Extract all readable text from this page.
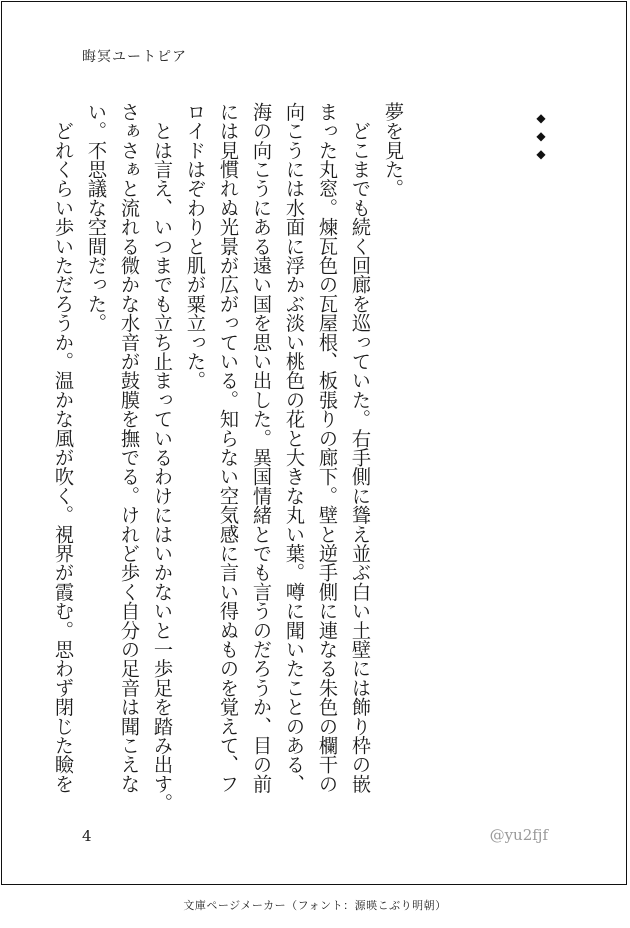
晦冥ユートピア
◆
◆
◆
夢を見た。
　どこまでも続く回廊を巡っていた。右手側に聳え並ぶ白い土壁には飾り枠の嵌
まった丸窓。煉瓦色の瓦屋根、板張りの廊下。壁と逆手側に連なる朱色の欄干の
向こうには水面に浮かぶ淡い桃色の花と大きな丸い葉。噂に聞いたことのある、
海の向こうにある遠い国を思い出した。異国情緒とでも言うのだろうか、目の前
には見慣れぬ光景が広がっている。知らない空気感に言い得ぬものを覚えて、フ
ロイドはぞわりと肌が粟立った。
　とは言え、いつまでも立ち止まっているわけにはいかないと一歩足を踏み出す。
さぁさぁと流れる微かな水音が鼓膜を撫でる。けれど歩く自分の足音は聞こえな
い。不思議な空間だった。
　どれくらい歩いただろうか。温かな風が吹く。視界が霞む。思わず閉じた瞼を
4	@yu2fjf
文庫ページメーカー（フォント：源暎こぶり明朝）
